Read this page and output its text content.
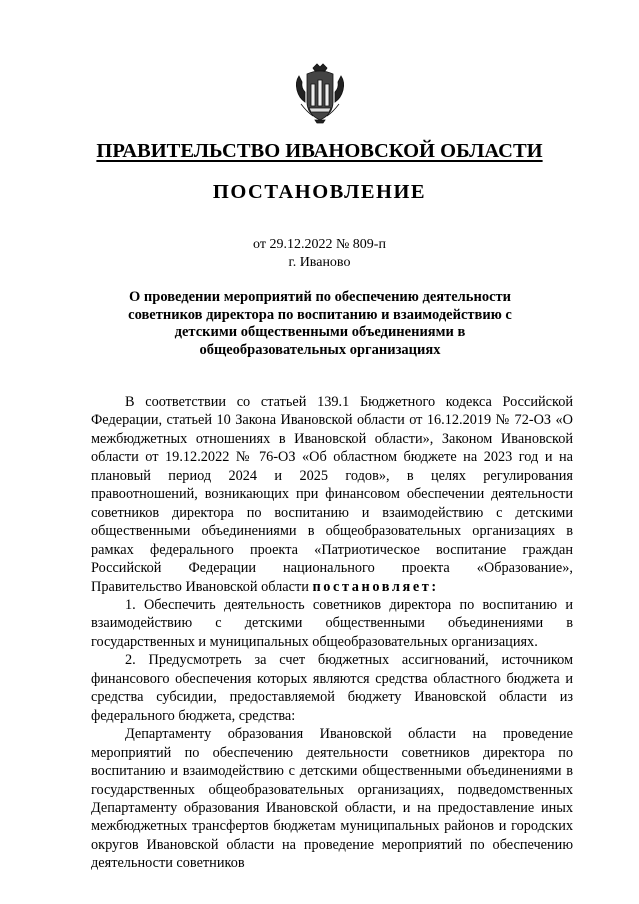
ПРАВИТЕЛЬСТВО ИВАНОВСКОЙ ОБЛАСТИ
ПОСТАНОВЛЕНИЕ
от 29.12.2022 № 809-п
г. Иваново
О проведении мероприятий по обеспечению деятельности советников директора по воспитанию и взаимодействию с детскими общественными объединениями в общеобразовательных организациях

В соответствии со статьей 139.1 Бюджетного кодекса Российской Федерации, статьей 10 Закона Ивановской области от 16.12.2019 № 72-ОЗ «О межбюджетных отношениях в Ивановской области», Законом Ивановской области от 19.12.2022 № 76-ОЗ «Об областном бюджете на 2023 год и на плановый период 2024 и 2025 годов», в целях регулирования правоотношений, возникающих при финансовом обеспечении деятельности советников директора по воспитанию и взаимодействию с детскими общественными объединениями в общеобразовательных организациях в рамках федерального проекта «Патриотическое воспитание граждан Российской Федерации национального проекта «Образование», Правительство Ивановской области постановляет:

1. Обеспечить деятельность советников директора по воспитанию и взаимодействию с детскими общественными объединениями в государственных и муниципальных общеобразовательных организациях.

2. Предусмотреть за счет бюджетных ассигнований, источником финансового обеспечения которых являются средства областного бюджета и средства субсидии, предоставляемой бюджету Ивановской области из федерального бюджета, средства:

Департаменту образования Ивановской области на проведение мероприятий по обеспечению деятельности советников директора по воспитанию и взаимодействию с детскими общественными объединениями в государственных общеобразовательных организациях, подведомственных Департаменту образования Ивановской области, и на предоставление иных межбюджетных трансфертов бюджетам муниципальных районов и городских округов Ивановской области на проведение мероприятий по обеспечению деятельности советников
